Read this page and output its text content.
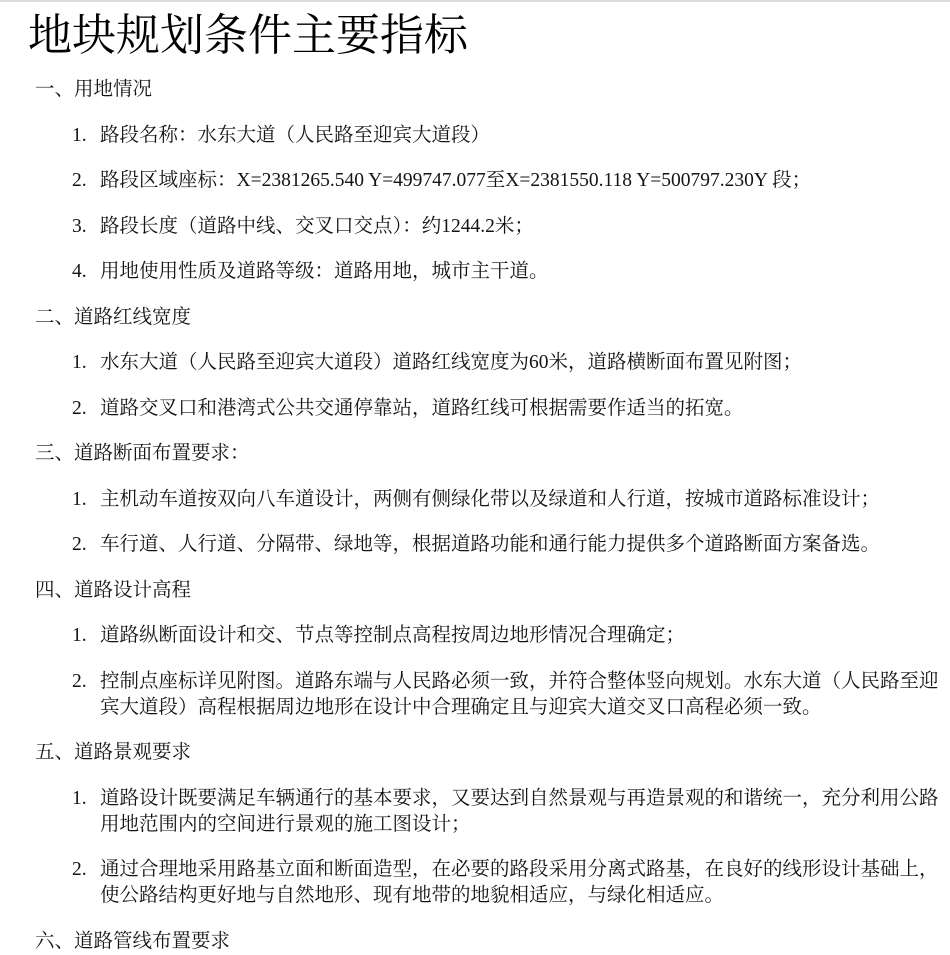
地块规划条件主要指标

一、用地情况

1. 路段名称：水东大道（人民路至迎宾大道段）

2. 路段区域座标：X=2381265.540 Y=499747.077至X=2381550.118 Y=500797.230Y 段；

3. 路段长度（道路中线、交叉口交点）：约1244.2米；

4. 用地使用性质及道路等级：道路用地，城市主干道。

二、道路红线宽度

1. 水东大道（人民路至迎宾大道段）道路红线宽度为60米，道路横断面布置见附图；

2. 道路交叉口和港湾式公共交通停靠站，道路红线可根据需要作适当的拓宽。

三、道路断面布置要求：

1. 主机动车道按双向八车道设计，两侧有侧绿化带以及绿道和人行道，按城市道路标准设计；

2. 车行道、人行道、分隔带、绿地等，根据道路功能和通行能力提供多个道路断面方案备选。

四、道路设计高程

1. 道路纵断面设计和交、节点等控制点高程按周边地形情况合理确定；

2. 控制点座标详见附图。道路东端与人民路必须一致，并符合整体竖向规划。水东大道（人民路至迎宾大道段）高程根据周边地形在设计中合理确定且与迎宾大道交叉口高程必须一致。

五、道路景观要求

1. 道路设计既要满足车辆通行的基本要求，又要达到自然景观与再造景观的和谐统一，充分利用公路用地范围内的空间进行景观的施工图设计；

2. 通过合理地采用路基立面和断面造型，在必要的路段采用分离式路基，在良好的线形设计基础上，使公路结构更好地与自然地形、现有地带的地貌相适应，与绿化相适应。

六、道路管线布置要求
